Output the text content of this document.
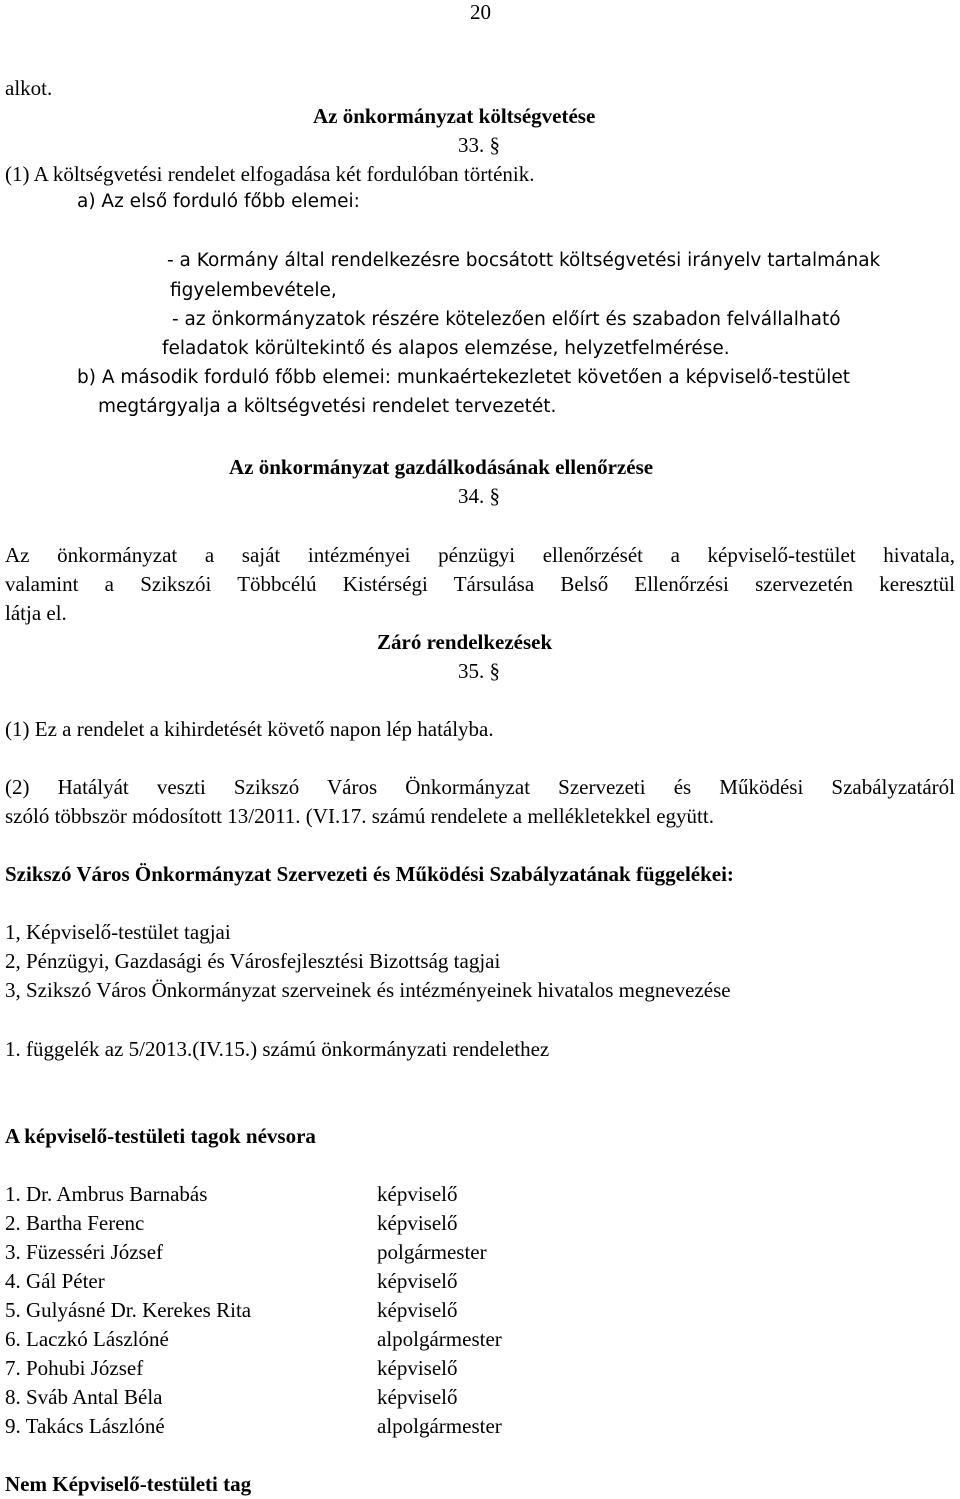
20
alkot.
Az önkormányzat költségvetése
33. §
(1) A költségvetési rendelet elfogadása két fordulóban történik.
a) Az első forduló főbb elemei:
- a Kormány által rendelkezésre bocsátott költségvetési irányelv tartalmának
figyelembevétele,
- az önkormányzatok részére kötelezően előírt és szabadon felvállalható
feladatok körültekintő és alapos elemzése, helyzetfelmérése.
b) A második forduló főbb elemei: munkaértekezletet követően a képviselő-testület
megtárgyalja a költségvetési rendelet tervezetét.
Az önkormányzat gazdálkodásának ellenőrzése
34. §
Az önkormányzat a saját intézményei pénzügyi ellenőrzését a képviselő-testület hivatala,
valamint a Szikszói Többcélú Kistérségi Társulása Belső Ellenőrzési szervezetén keresztül
látja el.
Záró rendelkezések
35. §
(1) Ez a rendelet a kihirdetését követő napon lép hatályba.
(2) Hatályát veszti Szikszó Város Önkormányzat Szervezeti és Működési Szabályzatáról
szóló többször módosított 13/2011. (VI.17. számú rendelete a mellékletekkel együtt.
Szikszó Város Önkormányzat Szervezeti és Működési Szabályzatának függelékei:
1, Képviselő-testület tagjai
2, Pénzügyi, Gazdasági és Városfejlesztési Bizottság tagjai
3, Szikszó Város Önkormányzat szerveinek és intézményeinek hivatalos megnevezése
1. függelék az 5/2013.(IV.15.) számú önkormányzati rendelethez
A képviselő-testületi tagok névsora
1. Dr. Ambrus Barnabás	képviselő
2. Bartha Ferenc	képviselő
3. Füzesséri József	polgármester
4. Gál Péter	képviselő
5. Gulyásné Dr. Kerekes Rita	képviselő
6. Laczkó Lászlóné	alpolgármester
7. Pohubi József	képviselő
8. Sváb Antal Béla	képviselő
9. Takács Lászlóné	alpolgármester
Nem Képviselő-testületi tag
